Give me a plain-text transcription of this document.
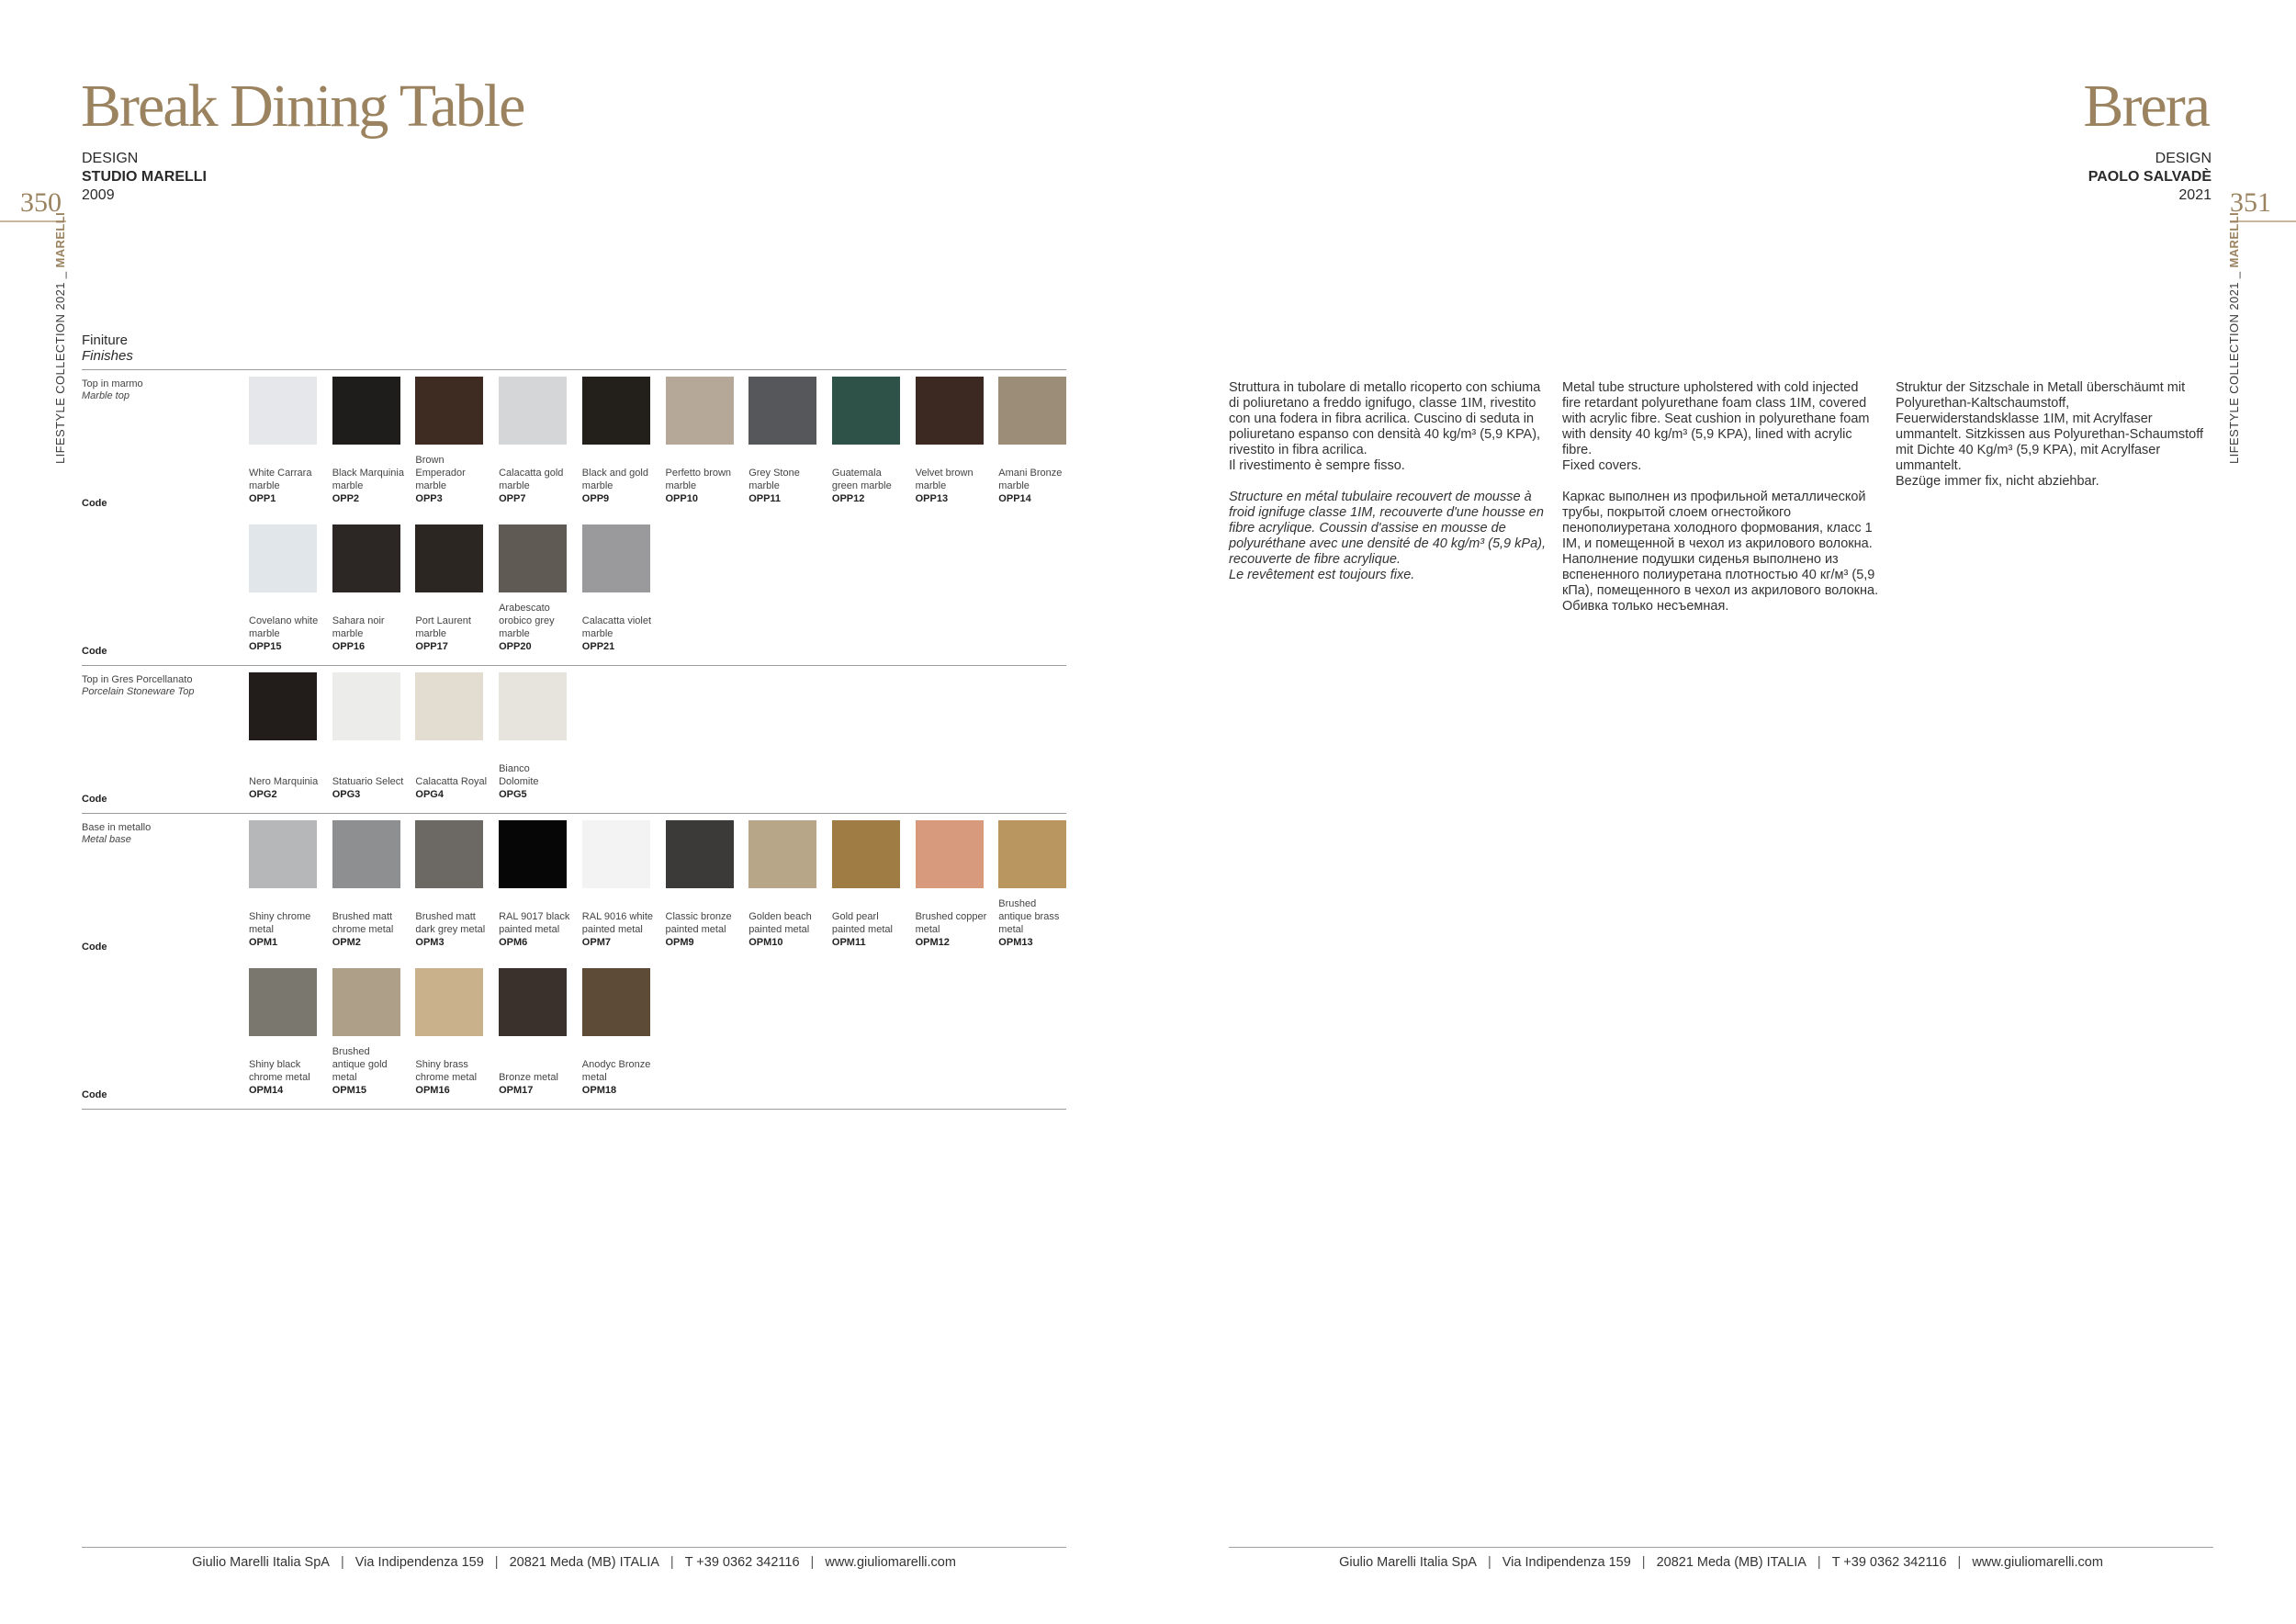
Break Dining Table
DESIGN
STUDIO MARELLI
2009
350
LIFESTYLE COLLECTION 2021 _ MARELLI
Finiture
Finishes
Top in marmo
Marble top
Code
White Carrara marble
OPP1
Black Marquinia marble
OPP2
Brown Emperador marble
OPP3
Calacatta gold marble
OPP7
Black and gold marble
OPP9
Perfetto brown marble
OPP10
Grey Stone marble
OPP11
Guatemala green marble
OPP12
Velvet brown marble
OPP13
Amani Bronze marble
OPP14
Code
Covelano white marble
OPP15
Sahara noir marble
OPP16
Port Laurent marble
OPP17
Arabescato orobico grey marble
OPP20
Calacatta violet marble
OPP21
Top in Gres Porcellanato
Porcelain Stoneware Top
Code
Nero Marquinia
OPG2
Statuario Select
OPG3
Calacatta Royal
OPG4
Bianco Dolomite
OPG5
Base in metallo
Metal base
Code
Shiny chrome metal
OPM1
Brushed matt chrome metal
OPM2
Brushed matt dark grey metal
OPM3
RAL 9017 black painted metal
OPM6
RAL 9016 white painted metal
OPM7
Classic bronze painted metal
OPM9
Golden beach painted metal
OPM10
Gold pearl painted metal
OPM11
Brushed copper metal
OPM12
Brushed antique brass metal
OPM13
Code
Shiny black chrome metal
OPM14
Brushed antique gold metal
OPM15
Shiny brass chrome metal
OPM16
Bronze metal
OPM17
Anodyc Bronze metal
OPM18
Giulio Marelli Italia SpA | Via Indipendenza 159 | 20821 Meda (MB) ITALIA | T +39 0362 342116 | www.giuliomarelli.com
Brera
DESIGN
PAOLO SALVADÈ
2021 351
LIFESTYLE COLLECTION 2021 _ MARELLI

Struttura in tubolare di metallo ricoperto con schiuma di poliuretano a freddo ignifugo, classe 1IM, rivestito con una fodera in fibra acrilica. Cuscino di seduta in poliuretano espanso con densità 40 kg/m³ (5,9 KPA), rivestito in fibra acrilica.
Il rivestimento è sempre fisso.

Structure en métal tubulaire recouvert de mousse à froid ignifuge classe 1IM, recouverte d'une housse en fibre acrylique. Coussin d'assise en mousse de polyuréthane avec une densité de 40 kg/m³ (5,9 kPa), recouverte de fibre acrylique.
Le revêtement est toujours fixe.

Metal tube structure upholstered with cold injected fire retardant polyurethane foam class 1IM, covered with acrylic fibre. Seat cushion in polyurethane foam with density 40 kg/m³ (5,9 KPA), lined with acrylic fibre.
Fixed covers.

Каркас выполнен из профильной металлической трубы, покрытой слоем огнестойкого пенополиуретана холодного формования, класс 1 IM, и помещенной в чехол из акрилового волокна. Наполнение подушки сиденья выполнено из вспененного полиуретана плотностью 40 кг/м³ (5,9 кПа), помещенного в чехол из акрилового волокна.
Обивка только несъемная.

Struktur der Sitzschale in Metall überschäumt mit Polyurethan-Kaltschaumstoff, Feuerwiderstandsklasse 1IM, mit Acrylfaser ummantelt. Sitzkissen aus Polyurethan-Schaumstoff mit Dichte 40 Kg/m³ (5,9 KPA), mit Acrylfaser ummantelt.
Bezüge immer fix, nicht abziehbar.

Giulio Marelli Italia SpA | Via Indipendenza 159 | 20821 Meda (MB) ITALIA | T +39 0362 342116 | www.giuliomarelli.com
